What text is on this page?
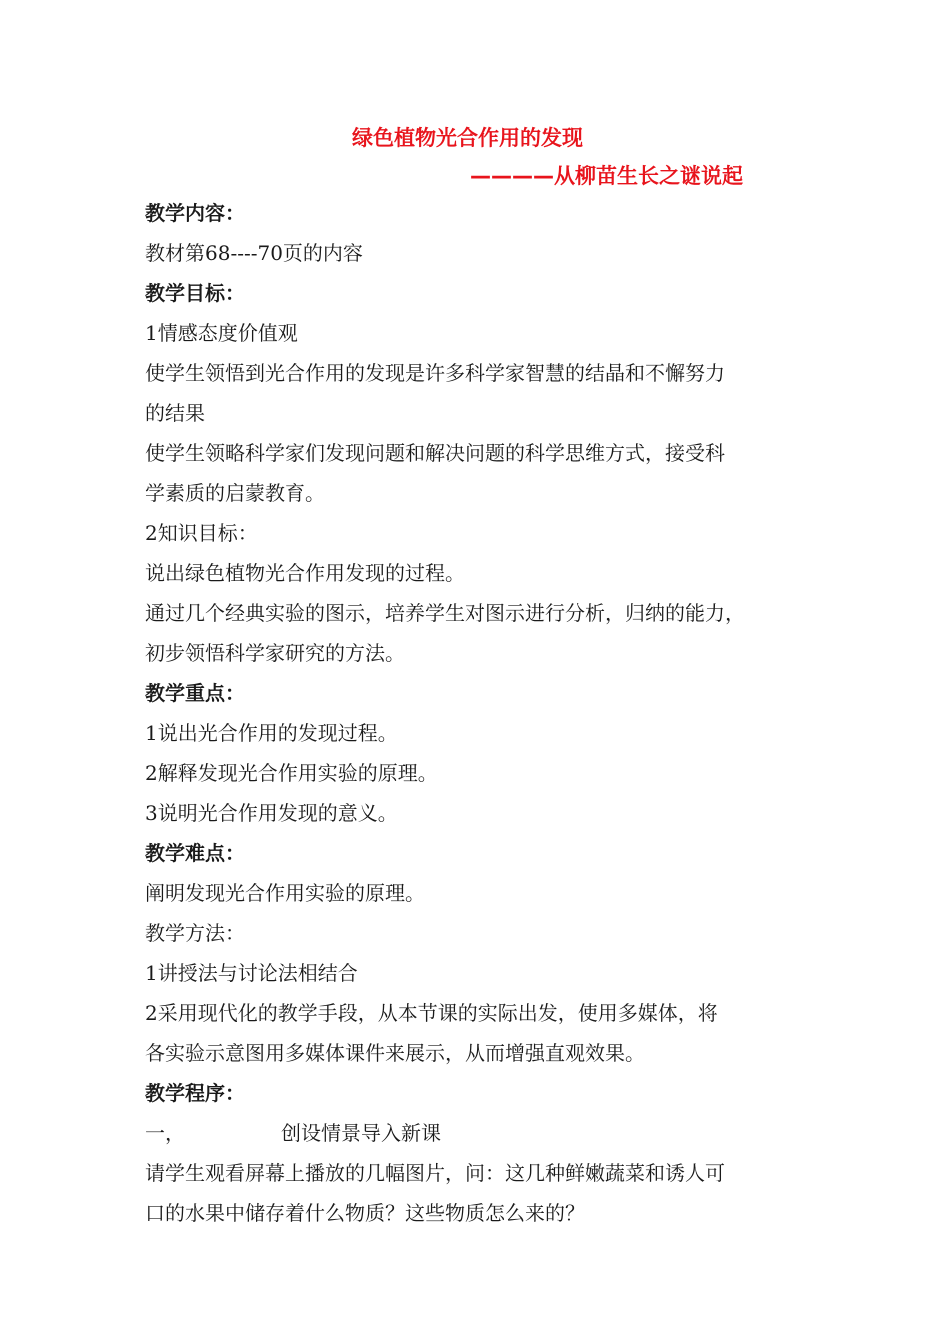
绿色植物光合作用的发现
————从柳苗生长之谜说起
教学内容：
教材第68----70页的内容
教学目标：
1情感态度价值观
使学生领悟到光合作用的发现是许多科学家智慧的结晶和不懈努力
的结果
使学生领略科学家们发现问题和解决问题的科学思维方式，接受科
学素质的启蒙教育。
2知识目标：
说出绿色植物光合作用发现的过程。
通过几个经典实验的图示，培养学生对图示进行分析，归纳的能力，
初步领悟科学家研究的方法。
教学重点：
1说出光合作用的发现过程。
2解释发现光合作用实验的原理。
3说明光合作用发现的意义。
教学难点：
阐明发现光合作用实验的原理。
教学方法：
1讲授法与讨论法相结合
2采用现代化的教学手段，从本节课的实际出发，使用多媒体，将
各实验示意图用多媒体课件来展示，从而增强直观效果。
教学程序：
一，	创设情景导入新课
请学生观看屏幕上播放的几幅图片，问：这几种鲜嫩蔬菜和诱人可
口的水果中储存着什么物质？这些物质怎么来的？
